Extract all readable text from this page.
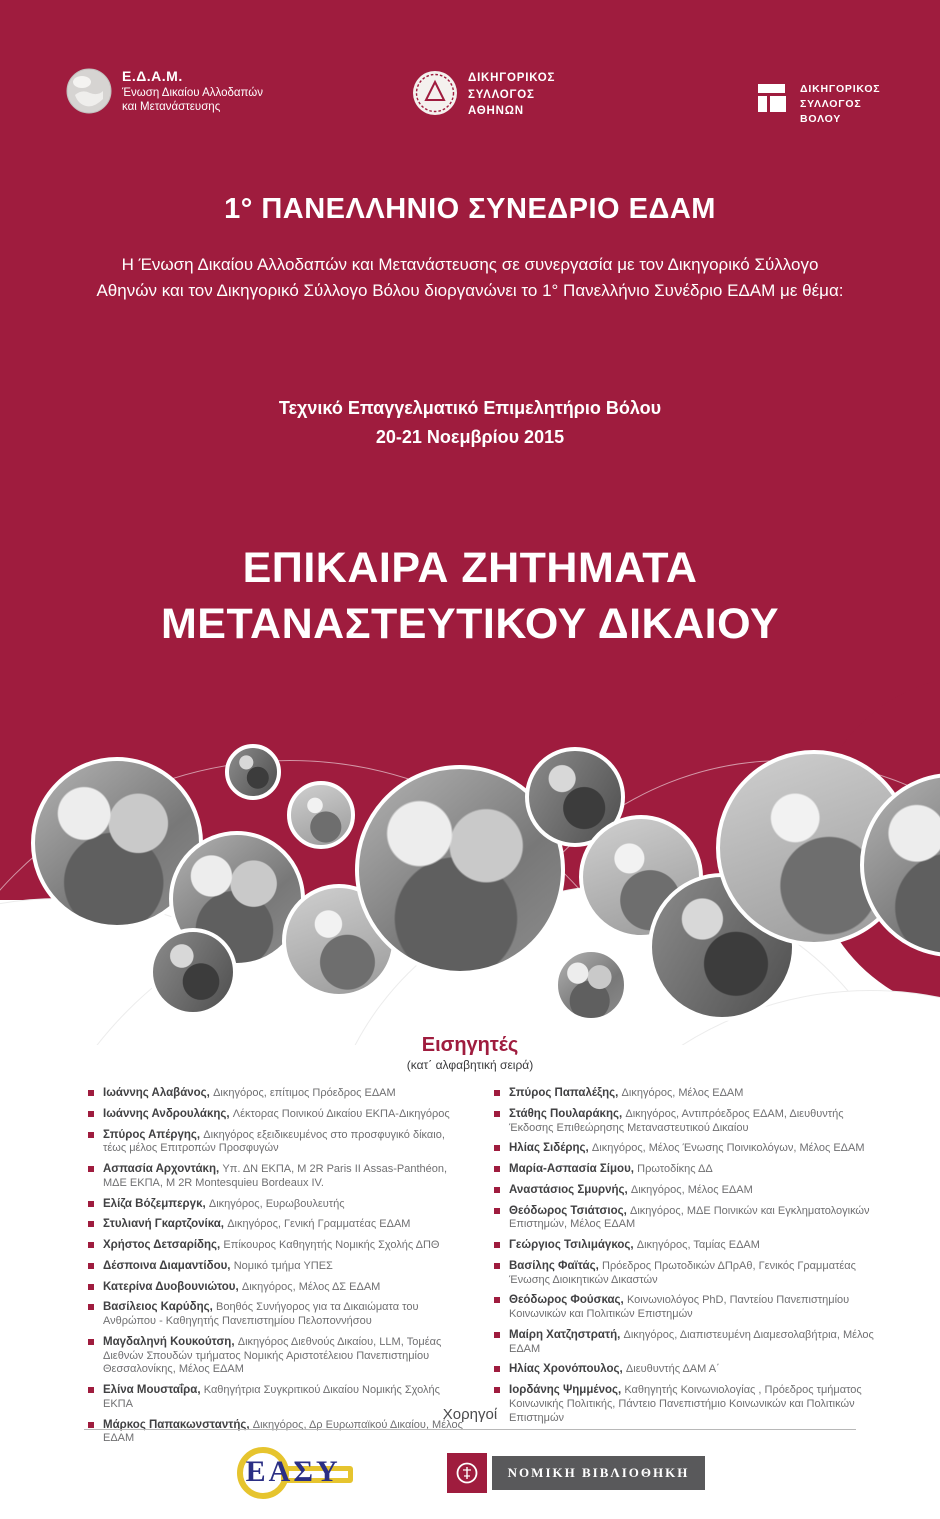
Ε.Δ.Α.Μ.
Ένωση Δικαίου Αλλοδαπών
και Μετανάστευσης
ΔΙΚΗΓΟΡΙΚΟΣ
ΣΥΛΛΟΓΟΣ
ΑΘΗΝΩΝ
ΔΙΚΗΓΟΡΙΚΟΣ
ΣΥΛΛΟΓΟΣ
ΒΟΛΟΥ
1° ΠΑΝΕΛΛΗΝΙΟ ΣΥΝΕΔΡΙΟ ΕΔΑΜ
Η Ένωση Δικαίου Αλλοδαπών και Μετανάστευσης σε συνεργασία με τον Δικηγορικό Σύλλογο
Αθηνών και τον Δικηγορικό Σύλλογο Βόλου διοργανώνει το 1° Πανελλήνιο Συνέδριο ΕΔΑΜ με θέμα:
Τεχνικό Επαγγελματικό Επιμελητήριο Βόλου
20-21 Νοεμβρίου 2015
ΕΠΙΚΑΙΡΑ ΖΗΤΗΜΑΤΑ
ΜΕΤΑΝΑΣΤΕΥΤΙΚΟΥ ΔΙΚΑΙΟΥ
Εισηγητές
(κατ΄ αλφαβητική σειρά)
Ιωάννης Αλαβάνος, Δικηγόρος, επίτιμος Πρόεδρος ΕΔΑΜ
Ιωάννης Ανδρουλάκης, Λέκτορας Ποινικού Δικαίου ΕΚΠΑ-Δικηγόρος
Σπύρος Απέργης, Δικηγόρος εξειδικευμένος στο προσφυγικό δίκαιο, τέως μέλος Επιτροπών Προσφυγών
Ασπασία Αρχοντάκη, Υπ. ΔΝ ΕΚΠΑ, M 2R Paris II Assas-Panthéon, ΜΔΕ ΕΚΠΑ, M 2R Montesquieu Bordeaux IV.
Ελίζα Βόζεμπεργκ, Δικηγόρος, Ευρωβουλευτής
Στυλιανή Γκαρτζονίκα, Δικηγόρος, Γενική Γραμματέας ΕΔΑΜ
Χρήστος Δετσαρίδης, Επίκουρος Καθηγητής Νομικής Σχολής ΔΠΘ
Δέσποινα Διαμαντίδου, Νομικό τμήμα ΥΠΕΣ
Κατερίνα Δυοβουνιώτου, Δικηγόρος, Μέλος ΔΣ ΕΔΑΜ
Βασίλειος Καρύδης, Βοηθός Συνήγορος για τα Δικαιώματα του Ανθρώπου - Καθηγητής Πανεπιστημίου Πελοποννήσου
Μαγδαληνή Κουκούτση, Δικηγόρος Διεθνούς Δικαίου, LLM, Τομέας Διεθνών Σπουδών τμήματος Νομικής Αριστοτέλειου Πανεπιστημίου Θεσσαλονίκης, Μέλος ΕΔΑΜ
Ελίνα Μουσταΐρα, Καθηγήτρια Συγκριτικού Δικαίου Νομικής Σχολής ΕΚΠΑ
Μάρκος Παπακωνσταντής, Δικηγόρος, Δρ Ευρωπαϊκού Δικαίου, Μέλος ΕΔΑΜ
Σπύρος Παπαλέξης, Δικηγόρος, Μέλος ΕΔΑΜ
Στάθης Πουλαράκης, Δικηγόρος, Αντιπρόεδρος ΕΔΑΜ, Διευθυντής Έκδοσης Επιθεώρησης Μεταναστευτικού Δικαίου
Ηλίας Σιδέρης, Δικηγόρος, Μέλος Ένωσης Ποινικολόγων, Μέλος ΕΔΑΜ
Μαρία-Ασπασία Σίμου, Πρωτοδίκης ΔΔ
Αναστάσιος Σμυρνής, Δικηγόρος, Μέλος ΕΔΑΜ
Θεόδωρος Τσιάτσιος, Δικηγόρος, ΜΔΕ Ποινικών και Εγκληματολογικών Επιστημών, Μέλος ΕΔΑΜ
Γεώργιος Τσιλιμάγκος, Δικηγόρος, Ταμίας ΕΔΑΜ
Βασίλης Φαϊτάς, Πρόεδρος Πρωτοδικών ΔΠρΑθ, Γενικός Γραμματέας Ένωσης Διοικητικών Δικαστών
Θεόδωρος Φούσκας, Κοινωνιολόγος PhD, Παντείου Πανεπιστημίου Κοινωνικών και Πολιτικών Επιστημών
Μαίρη Χατζηστρατή, Δικηγόρος, Διαπιστευμένη Διαμεσολαβήτρια, Μέλος ΕΔΑΜ
Ηλίας Χρονόπουλος, Διευθυντής ΔΑΜ Α΄
Ιορδάνης Ψημμένος, Καθηγητής Κοινωνιολογίας , Πρόεδρος τμήματος Κοινωνικής Πολιτικής, Πάντειο Πανεπιστήμιο Κοινωνικών και Πολιτικών Επιστημών
Χορηγοί
ΕΑΣΥ	ΝΟΜΙΚΗ ΒΙΒΛΙΟΘΗΚΗ
